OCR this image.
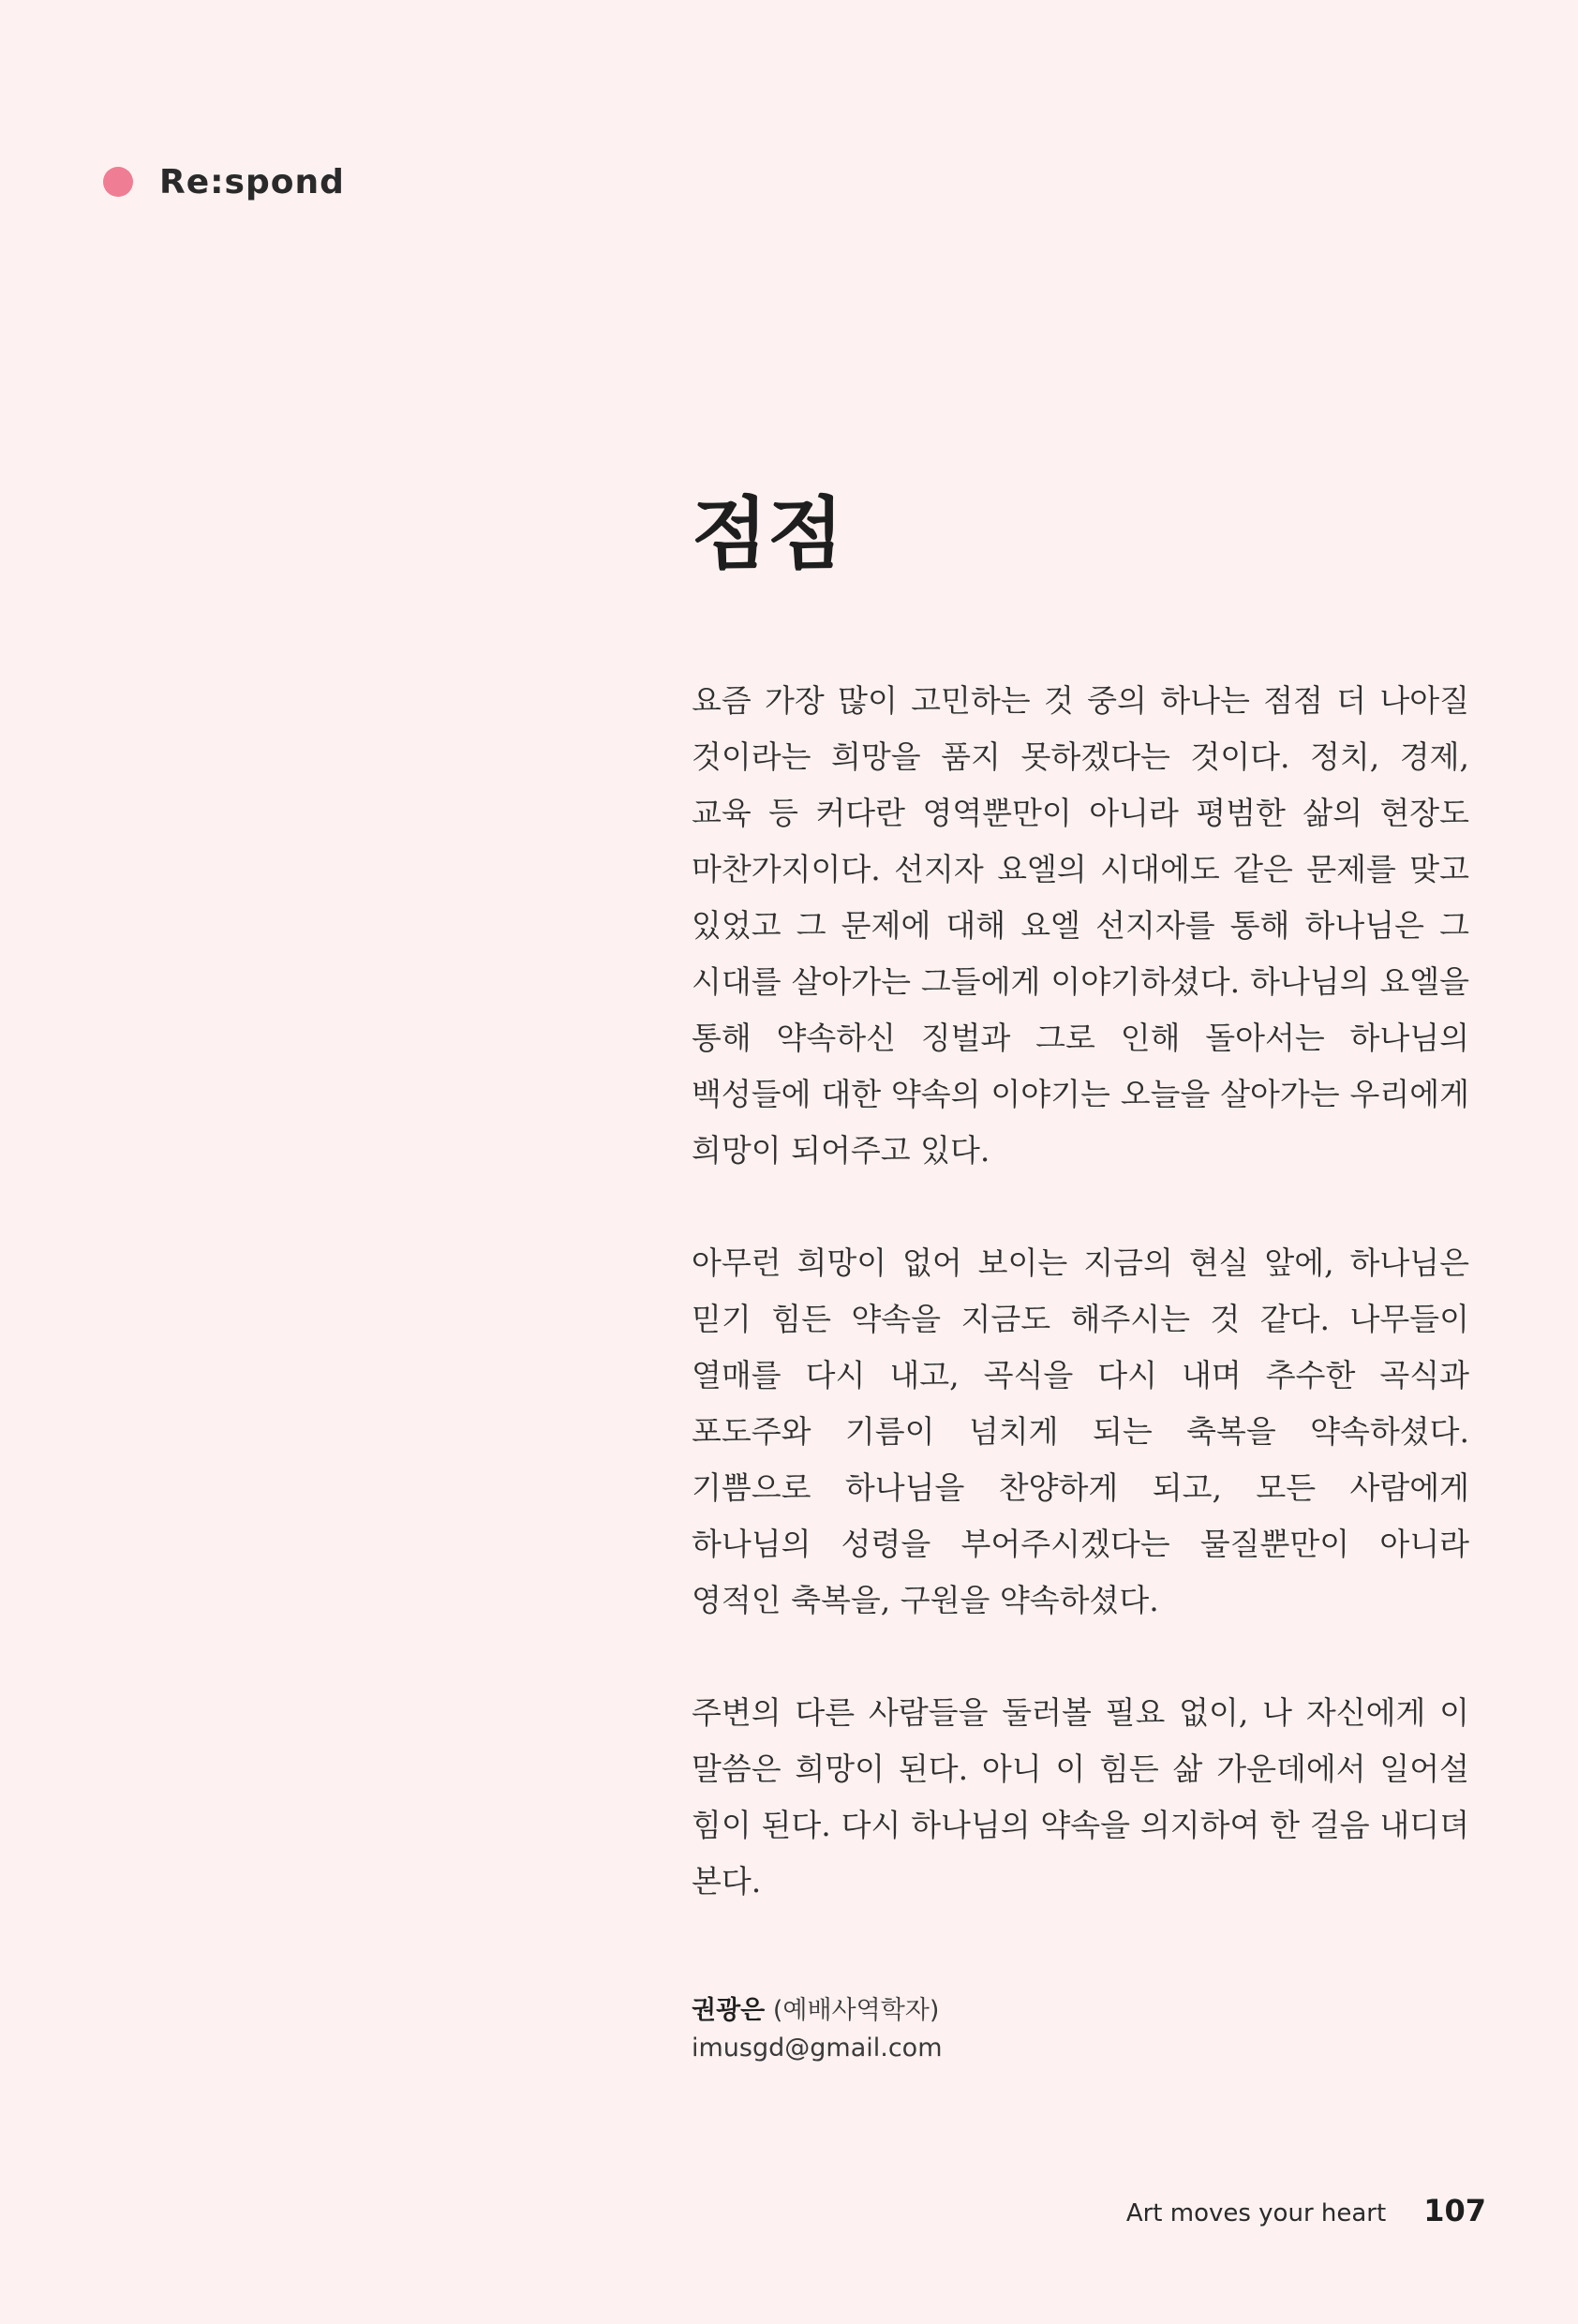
Re:spond
점점

요즘 가장 많이 고민하는 것 중의 하나는 점점 더 나아질 것이라는 희망을 품지 못하겠다는 것이다. 정치, 경제, 교육 등 커다란 영역뿐만이 아니라 평범한 삶의 현장도 마찬가지이다. 선지자 요엘의 시대에도 같은 문제를 맞고 있었고 그 문제에 대해 요엘 선지자를 통해 하나님은 그 시대를 살아가는 그들에게 이야기하셨다. 하나님의 요엘을 통해 약속하신 징벌과 그로 인해 돌아서는 하나님의 백성들에 대한 약속의 이야기는 오늘을 살아가는 우리에게 희망이 되어주고 있다.

아무런 희망이 없어 보이는 지금의 현실 앞에, 하나님은 믿기 힘든 약속을 지금도 해주시는 것 같다. 나무들이 열매를 다시 내고, 곡식을 다시 내며 추수한 곡식과 포도주와 기름이 넘치게 되는 축복을 약속하셨다. 기쁨으로 하나님을 찬양하게 되고, 모든 사람에게 하나님의 성령을 부어주시겠다는 물질뿐만이 아니라 영적인 축복을, 구원을 약속하셨다.

주변의 다른 사람들을 둘러볼 필요 없이, 나 자신에게 이 말씀은 희망이 된다. 아니 이 힘든 삶 가운데에서 일어설 힘이 된다. 다시 하나님의 약속을 의지하여 한 걸음 내디뎌 본다.

권광은 (예배사역학자)
imusgd@gmail.com
Art moves your heart 107
